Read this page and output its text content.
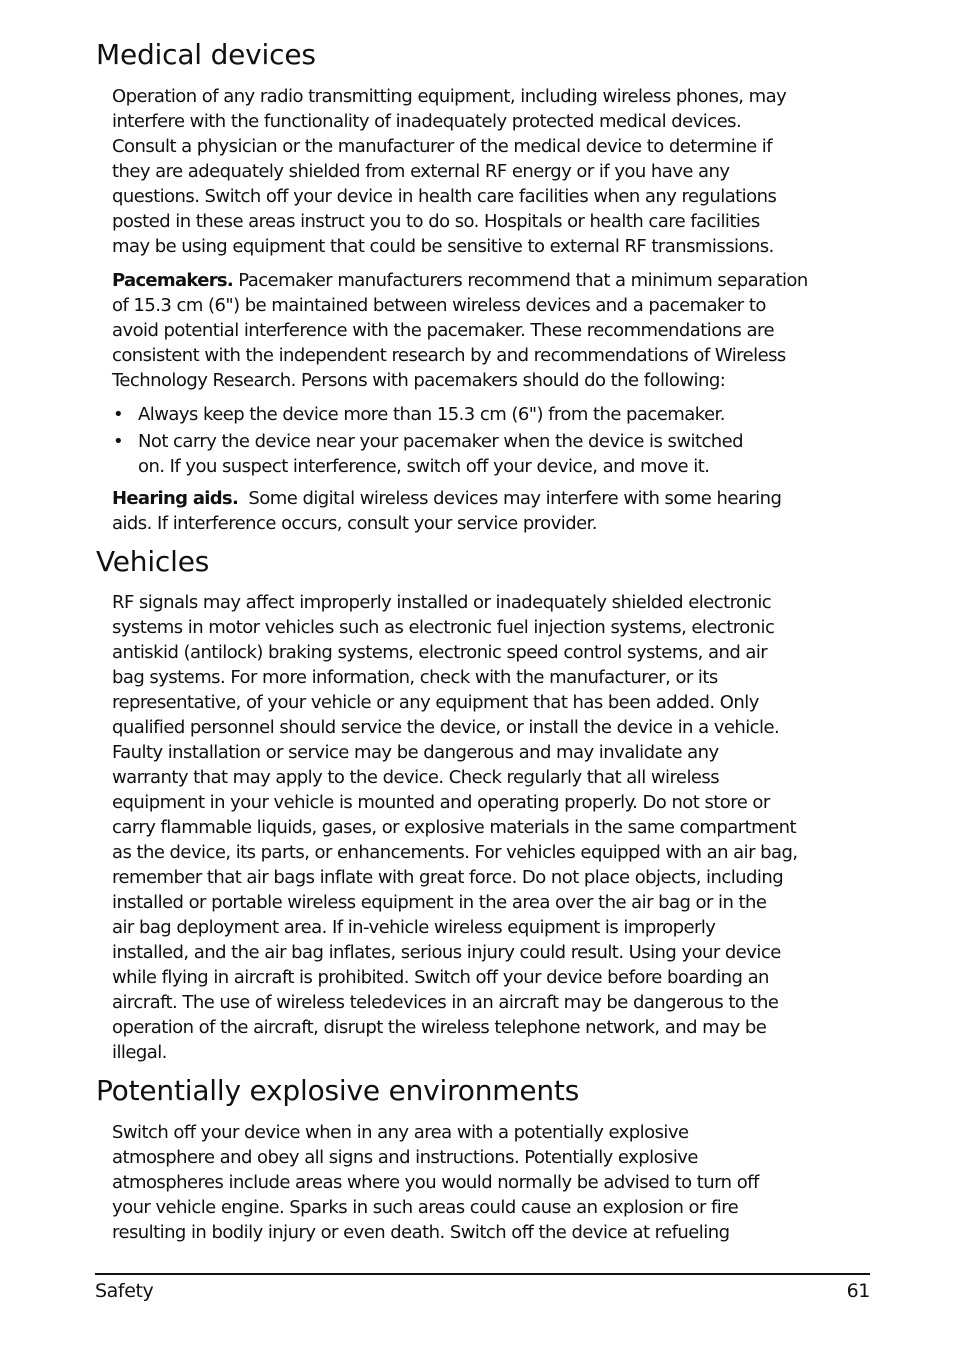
Medical devices
Operation of any radio transmitting equipment, including wireless phones, may
interfere with the functionality of inadequately protected medical devices.
Consult a physician or the manufacturer of the medical device to determine if
they are adequately shielded from external RF energy or if you have any
questions. Switch off your device in health care facilities when any regulations
posted in these areas instruct you to do so. Hospitals or health care facilities
may be using equipment that could be sensitive to external RF transmissions.
Pacemakers. Pacemaker manufacturers recommend that a minimum separation
of 15.3 cm (6") be maintained between wireless devices and a pacemaker to
avoid potential interference with the pacemaker. These recommendations are
consistent with the independent research by and recommendations of Wireless
Technology Research. Persons with pacemakers should do the following:
• Always keep the device more than 15.3 cm (6") from the pacemaker.
• Not carry the device near your pacemaker when the device is switched
on. If you suspect interference, switch off your device, and move it.
Hearing aids.  Some digital wireless devices may interfere with some hearing
aids. If interference occurs, consult your service provider.
Vehicles
RF signals may affect improperly installed or inadequately shielded electronic
systems in motor vehicles such as electronic fuel injection systems, electronic
antiskid (antilock) braking systems, electronic speed control systems, and air
bag systems. For more information, check with the manufacturer, or its
representative, of your vehicle or any equipment that has been added. Only
qualified personnel should service the device, or install the device in a vehicle.
Faulty installation or service may be dangerous and may invalidate any
warranty that may apply to the device. Check regularly that all wireless
equipment in your vehicle is mounted and operating properly. Do not store or
carry flammable liquids, gases, or explosive materials in the same compartment
as the device, its parts, or enhancements. For vehicles equipped with an air bag,
remember that air bags inflate with great force. Do not place objects, including
installed or portable wireless equipment in the area over the air bag or in the
air bag deployment area. If in-vehicle wireless equipment is improperly
installed, and the air bag inflates, serious injury could result. Using your device
while flying in aircraft is prohibited. Switch off your device before boarding an
aircraft. The use of wireless teledevices in an aircraft may be dangerous to the
operation of the aircraft, disrupt the wireless telephone network, and may be
illegal.
Potentially explosive environments
Switch off your device when in any area with a potentially explosive
atmosphere and obey all signs and instructions. Potentially explosive
atmospheres include areas where you would normally be advised to turn off
your vehicle engine. Sparks in such areas could cause an explosion or fire
resulting in bodily injury or even death. Switch off the device at refueling
Safety	61
